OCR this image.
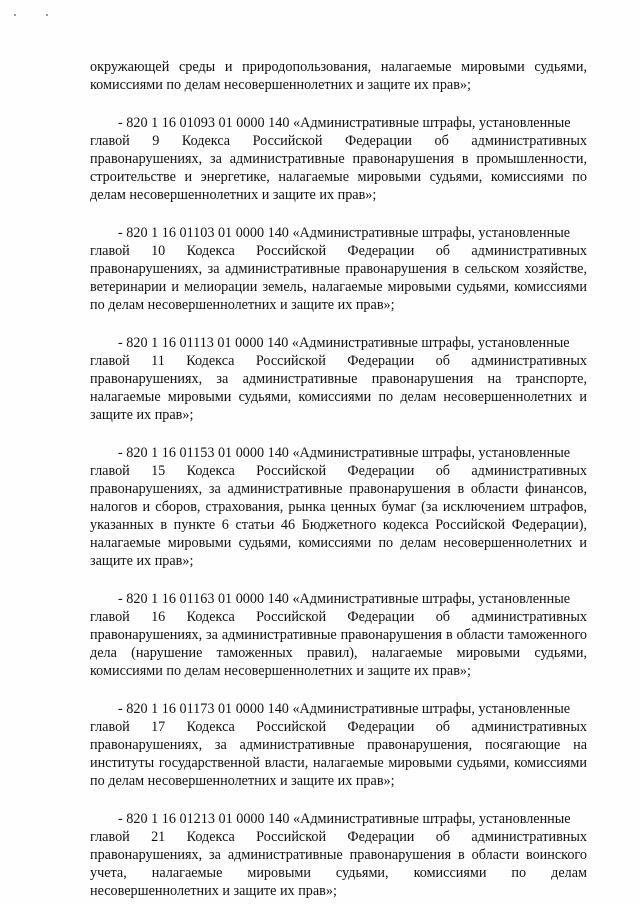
окружающей среды и природопользования, налагаемые мировыми судьями, комиссиями по делам несовершеннолетних и защите их прав»;

- 820 1 16 01093 01 0000 140 «Административные штрафы, установленные
главой 9 Кодекса Российской Федерации об административных правонарушениях, за административные правонарушения в промышленности, строительстве и энергетике, налагаемые мировыми судьями, комиссиями по делам несовершеннолетних и защите их прав»;
- 820 1 16 01103 01 0000 140 «Административные штрафы, установленные
главой 10 Кодекса Российской Федерации об административных правонарушениях, за административные правонарушения в сельском хозяйстве, ветеринарии и мелиорации земель, налагаемые мировыми судьями, комиссиями по делам несовершеннолетних и защите их прав»;
- 820 1 16 01113 01 0000 140 «Административные штрафы, установленные
главой 11 Кодекса Российской Федерации об административных правонарушениях, за административные правонарушения на транспорте, налагаемые мировыми судьями, комиссиями по делам несовершеннолетних и защите их прав»;
- 820 1 16 01153 01 0000 140 «Административные штрафы, установленные
главой 15 Кодекса Российской Федерации об административных правонарушениях, за административные правонарушения в области финансов, налогов и сборов, страхования, рынка ценных бумаг (за исключением штрафов, указанных в пункте 6 статьи 46 Бюджетного кодекса Российской Федерации), налагаемые мировыми судьями, комиссиями по делам несовершеннолетних и защите их прав»;
- 820 1 16 01163 01 0000 140 «Административные штрафы, установленные
главой 16 Кодекса Российской Федерации об административных правонарушениях, за административные правонарушения в области таможенного дела (нарушение таможенных правил), налагаемые мировыми судьями, комиссиями по делам несовершеннолетних и защите их прав»;
- 820 1 16 01173 01 0000 140 «Административные штрафы, установленные
главой 17 Кодекса Российской Федерации об административных правонарушениях, за административные правонарушения, посягающие на институты государственной власти, налагаемые мировыми судьями, комиссиями по делам несовершеннолетних и защите их прав»;
- 820 1 16 01213 01 0000 140 «Административные штрафы, установленные
главой 21 Кодекса Российской Федерации об административных правонарушениях, за административные правонарушения в области воинского учета, налагаемые мировыми судьями, комиссиями по делам несовершеннолетних и защите их прав»;
